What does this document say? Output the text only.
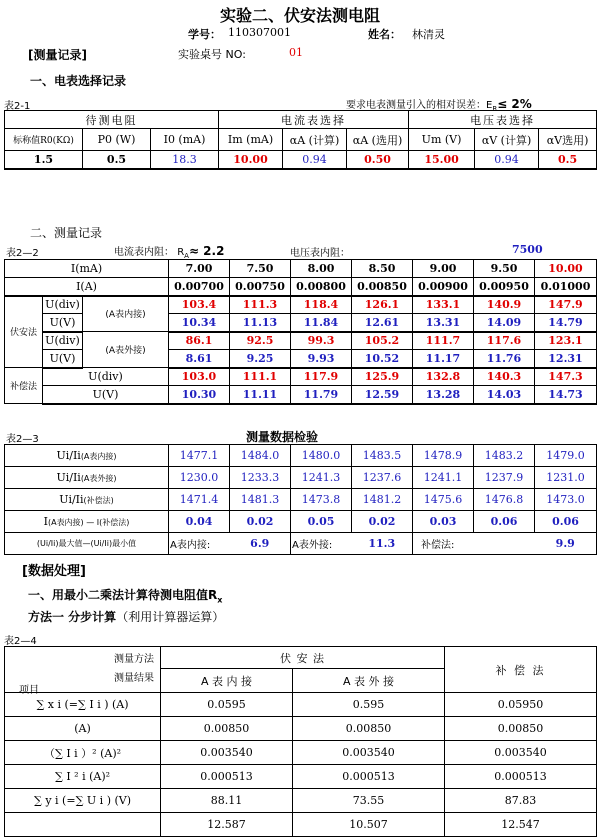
实验二、伏安法测电阻
学号： 110307001	姓名： 林清灵
[测量记录]	实验桌号 NO:	01
一、电表选择记录
表2-1	要求电表测量引入的相对误差：$E_R\le 2\%$
待测电阻			电流表选择			电压表选择		
标称值R0(KΩ)	P0 (W)	I0 (mA)	Im (mA)	αA (计算)	αA (选用)	Um (V)	αV (计算)	αV选用)
1.5	0.5	18.3	10.00	0.94	0.50	15.00	0.94	0.5
二、测量记录
表2—2	电流表内阻： $R_A\approx 2.2$	电压表内阻：	7500
I(mA)			7.00	7.50	8.00	8.50	9.00	9.50	10.00
I(A)			0.00700	0.00750	0.00800	0.00850	0.00900	0.00950	0.01000
伏安法	U(div)	(A表内接)	103.4	111.3	118.4	126.1	133.1	140.9	147.9
	U(V)		10.34	11.13	11.84	12.61	13.31	14.09	14.79
	U(div)	(A表外接)	86.1	92.5	99.3	105.2	111.7	117.6	123.1
	U(V)		8.61	9.25	9.93	10.52	11.17	11.76	12.31
补偿法	U(div)		103.0	111.1	117.9	125.9	132.8	140.3	147.3
	U(V)		10.30	11.11	11.79	12.59	13.28	14.03	14.73
表2—3	测量数据检验
Ui/Ii(A表内接)	1477.1	1484.0	1480.0	1483.5	1478.9	1483.2	1479.0
Ui/Ii(A表外接)	1230.0	1233.3	1241.3	1237.6	1241.1	1237.9	1231.0
Ui/Ii(补偿法)	1471.4	1481.3	1473.8	1481.2	1475.6	1476.8	1473.0
I(A表内接) — I(补偿法)	0.04	0.02	0.05	0.02	0.03	0.06	0.06
(Ui/Ii)最大值—(Ui/Ii)最小值	A表内接:	6.9	A表外接:	11.3	补偿法:		9.9
[数据处理]
一、用最小二乘法计算待测电阻值$R_x$
方法一 分步计算（利用计算器运算）
表2—4
测量方法	伏 安 法		补 偿 法

测量结果
项目	A 表 内 接	A 表 外 接	
∑ x i (=∑ I i ) (A)	0.0595	0.595	0.05950
(A)	0.00850	0.00850	0.00850
（∑ I i ）² (A)²	0.003540	0.003540	0.003540
∑ I ² i (A)²	0.000513	0.000513	0.000513
∑ y i (=∑ U i ) (V)	88.11	73.55	87.83
	12.587	10.507	12.547
